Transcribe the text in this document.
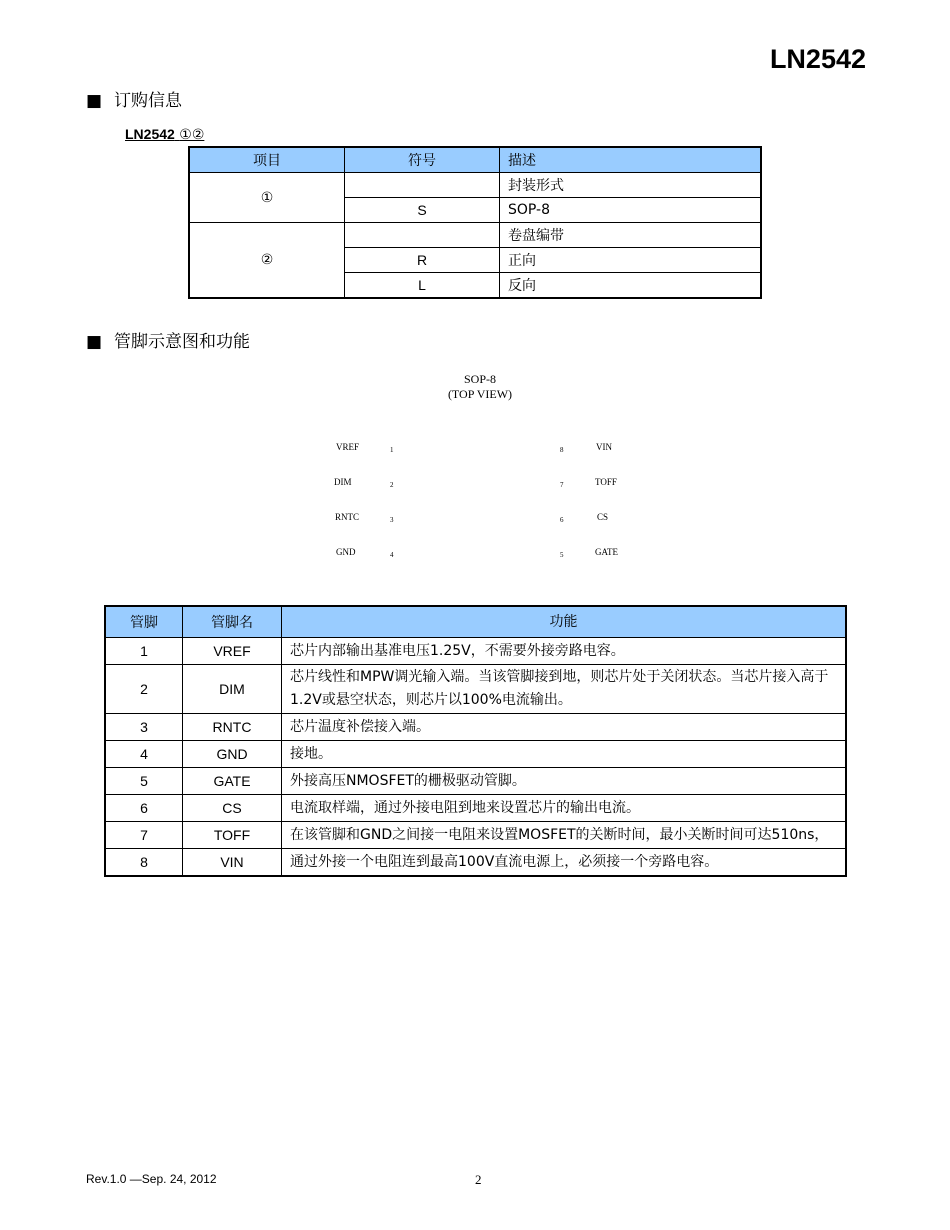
LN2542
■ 订购信息
LN2542 ①②
项目	符号	描述
①		封装形式
	S	SOP-8
②		卷盘编带
	R	正向
	L	反向
■ 管脚示意图和功能
SOP-8
(TOP VIEW)
VREF	1
DIM	2
RNTC	3
GND	4
8	VIN
7	TOFF
6	CS
5	GATE
管脚	管脚名	功能
1	VREF	芯片内部输出基准电压1.25V，不需要外接旁路电容。
2	DIM	芯片线性和MPW调光输入端。当该管脚接到地，则芯片处于关闭状态。当芯片接入高于1.2V或悬空状态，则芯片以100%电流输出。
3	RNTC	芯片温度补偿接入端。
4	GND	接地。
5	GATE	外接高压NMOSFET的栅极驱动管脚。
6	CS	电流取样端，通过外接电阻到地来设置芯片的输出电流。
7	TOFF	在该管脚和GND之间接一电阻来设置MOSFET的关断时间，最小关断时间可达510ns，
8	VIN	通过外接一个电阻连到最高100V直流电源上，必须接一个旁路电容。
Rev.1.0 —Sep. 24, 2012	2
